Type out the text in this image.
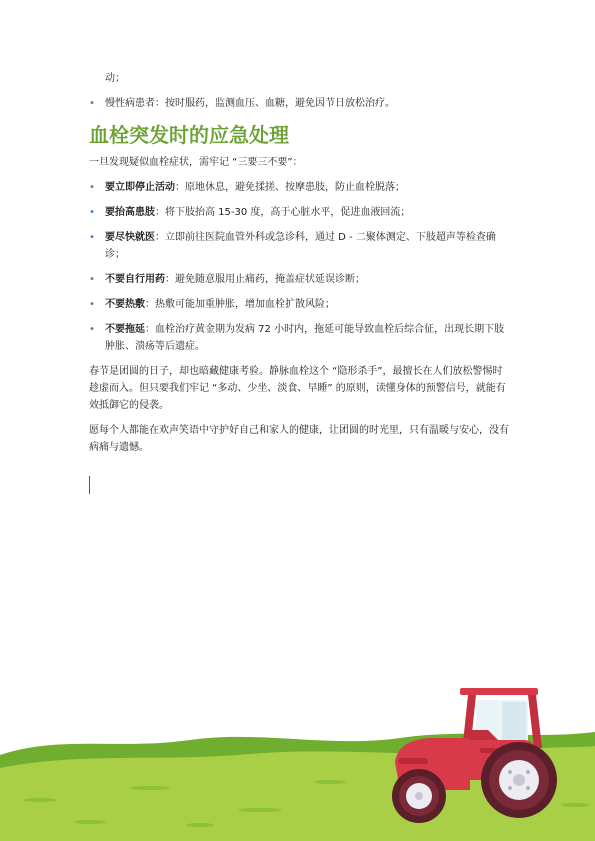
动；
• 慢性病患者：按时服药，监测血压、血糖，避免因节日放松治疗。
血栓突发时的应急处理

一旦发现疑似血栓症状，需牢记 “三要三不要”：

• 要立即停止活动：原地休息，避免揉搓、按摩患肢，防止血栓脱落；
• 要抬高患肢：将下肢抬高 15-30 度，高于心脏水平，促进血液回流；
• 要尽快就医：立即前往医院血管外科或急诊科，通过 D - 二聚体测定、下肢超声等检查确诊；
• 不要自行用药：避免随意服用止痛药，掩盖症状延误诊断；
• 不要热敷：热敷可能加重肿胀，增加血栓扩散风险；
• 不要拖延：血栓治疗黄金期为发病 72 小时内，拖延可能导致血栓后综合征，出现长期下肢肿胀、溃疡等后遗症。

春节是团圆的日子，却也暗藏健康考验。静脉血栓这个 “隐形杀手”，最擅长在人们放松警惕时趁虚而入。但只要我们牢记 “多动、少坐、淡食、早睡” 的原则，读懂身体的预警信号，就能有效抵御它的侵袭。

愿每个人都能在欢声笑语中守护好自己和家人的健康，让团圆的时光里，只有温暖与安心，没有病痛与遗憾。
